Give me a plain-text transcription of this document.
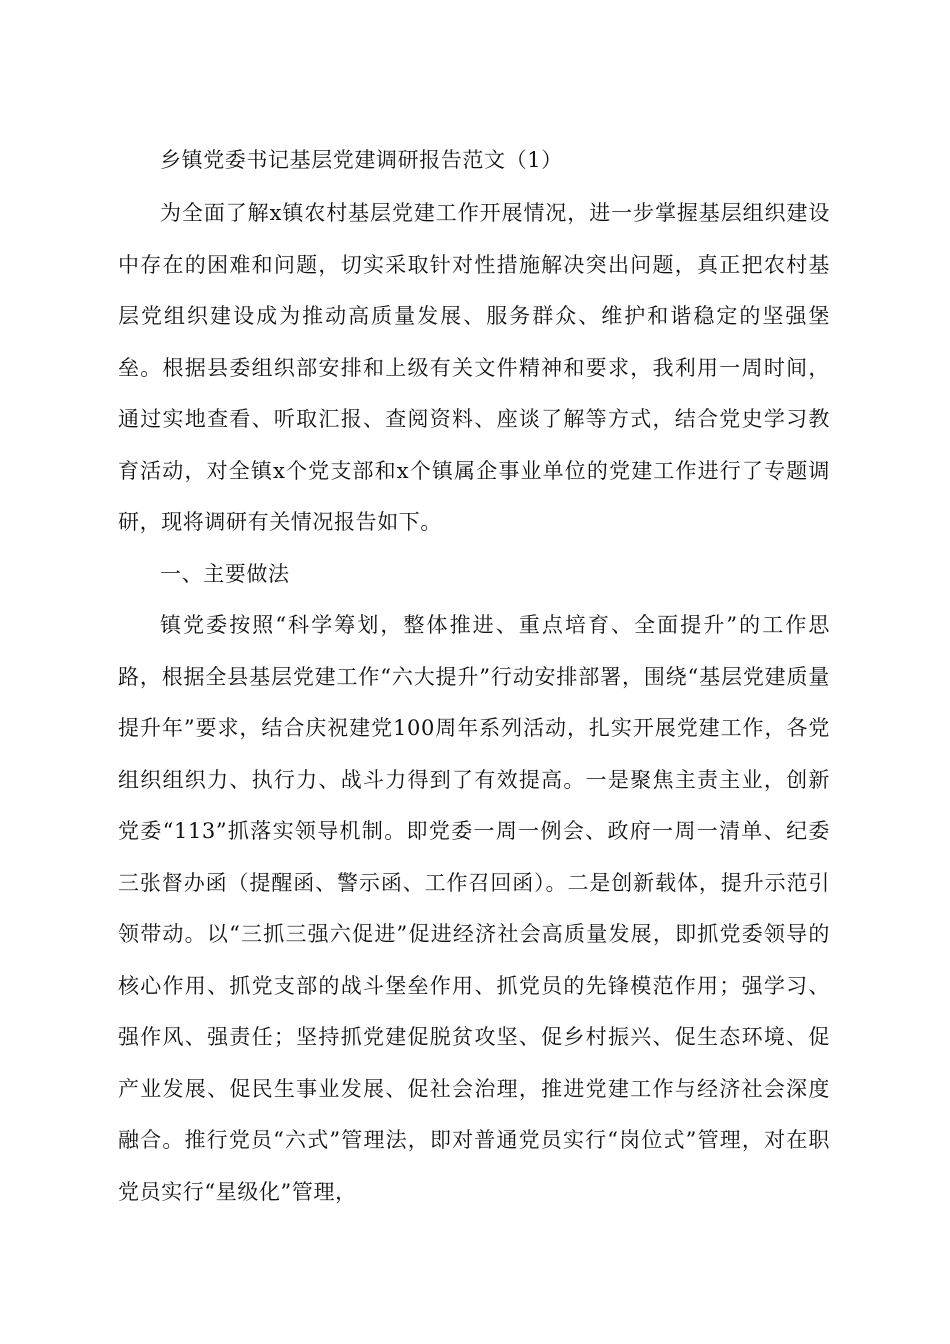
乡镇党委书记基层党建调研报告范文（1）

为全面了解x镇农村基层党建工作开展情况，进一步掌握基层组织建设中存在的困难和问题，切实采取针对性措施解决突出问题，真正把农村基层党组织建设成为推动高质量发展、服务群众、维护和谐稳定的坚强堡垒。根据县委组织部安排和上级有关文件精神和要求，我利用一周时间，通过实地查看、听取汇报、查阅资料、座谈了解等方式，结合党史学习教育活动，对全镇x个党支部和x个镇属企事业单位的党建工作进行了专题调研，现将调研有关情况报告如下。

一、主要做法

镇党委按照“科学筹划，整体推进、重点培育、全面提升”的工作思路，根据全县基层党建工作“六大提升”行动安排部署，围绕“基层党建质量提升年”要求，结合庆祝建党100周年系列活动，扎实开展党建工作，各党组织组织力、执行力、战斗力得到了有效提高。一是聚焦主责主业，创新党委“113”抓落实领导机制。即党委一周一例会、政府一周一清单、纪委三张督办函（提醒函、警示函、工作召回函）。二是创新载体，提升示范引领带动。以“三抓三强六促进”促进经济社会高质量发展，即抓党委领导的核心作用、抓党支部的战斗堡垒作用、抓党员的先锋模范作用；强学习、强作风、强责任；坚持抓党建促脱贫攻坚、促乡村振兴、促生态环境、促产业发展、促民生事业发展、促社会治理，推进党建工作与经济社会深度融合。推行党员“六式”管理法，即对普通党员实行“岗位式”管理，对在职党员实行“星级化”管理，
